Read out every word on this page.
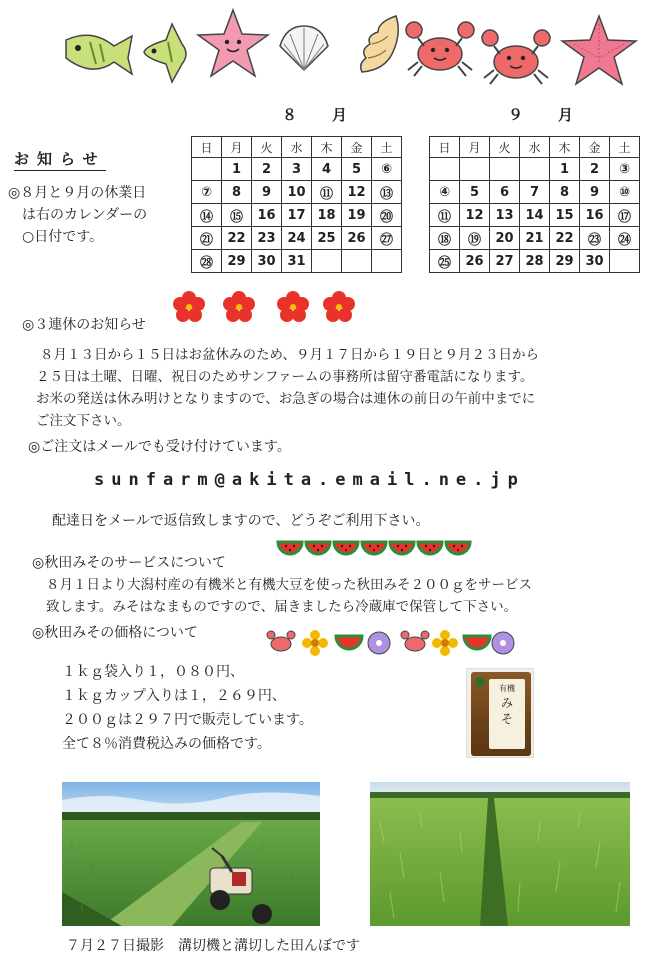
８　月	９　月
日	月	火	水	木	金	土
	1	2	3	4	5	⑥
⑦	8	9	10	⑪	12	⑬
⑭	⑮	16	17	18	19	⑳
㉑	22	23	24	25	26	㉗
㉘	29	30	31			
日	月	火	水	木	金	土
				1	2	③
④	5	6	7	8	9	⑩
⑪	12	13	14	15	16	⑰
⑱	⑲	20	21	22	㉓	㉔
㉕	26	27	28	29	30	
お知らせ
◎８月と９月の休業日
　は右のカレンダーの
　○日付です。
◎３連休のお知らせ
８月１３日から１５日はお盆休みのため、９月１７日から１９日と９月２３日から
２５日は土曜、日曜、祝日のためサンファームの事務所は留守番電話になります。
お米の発送は休み明けとなりますので、お急ぎの場合は連休の前日の午前中までに
ご注文下さい。
◎ご注文はメールでも受け付けています。
sunfarm@akita.email.ne.jp
配達日をメールで返信致しますので、どうぞご利用下さい。
◎秋田みそのサービスについて
８月１日より大潟村産の有機米と有機大豆を使った秋田みそ２００ｇをサービス
致します。みそはなまものですので、届きましたら冷蔵庫で保管して下さい。
◎秋田みその価格について
１ｋｇ袋入り１，０８０円、
１ｋｇカップ入りは１，２６９円、
２００ｇは２９７円で販売しています。
全て８％消費税込みの価格です。
有機
み
そ
７月２７日撮影　溝切機と溝切した田んぼです
